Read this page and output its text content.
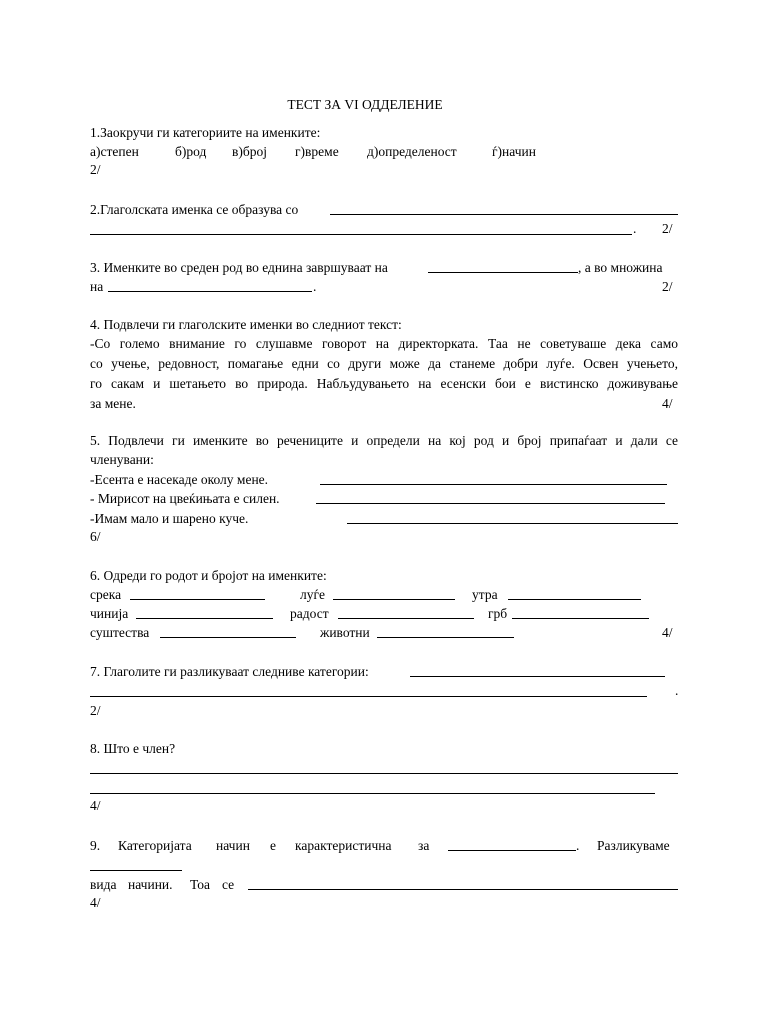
ТЕСТ ЗА VI ОДДЕЛЕНИЕ
1.Заокручи ги категориите на именките:
а)степен	б)род в)број г)време д)определеност	ѓ)начин
2/
2.Глаголската именка се образува со
. 2/
3. Именките во среден род во еднина завршуваат на	, а во множина
на	.	2/
4. Подвлечи ги глаголските именки во следниот текст:
-Со големо внимание го слушавме говорот на директорката. Таа не советуваше дека само
со учење, редовност, помагање едни со други може да станеме добри луѓе. Освен учењето,
го сакам и шетањето во природа. Набљудувањето на есенски бои е вистинско доживување
за мене.	4/
5. Подвлечи ги именките во речениците и определи на кој род и број припаѓаат и дали се
членувани:
-Есента е насекаде околу мене.
- Мирисот на цвеќињата е силен.
-Имам мало и шарено куче.
6/
6. Одреди го родот и бројот на именките:
срека	луѓе	утра
чинија	радост	грб
суштества	животни	4/
7. Глаголите ги разликуваат следниве категории:
.
2/
8. Што е член?
4/
9. Категоријата начин е карактеристична за	. Разликуваме
вида начини. Тоа се
4/
